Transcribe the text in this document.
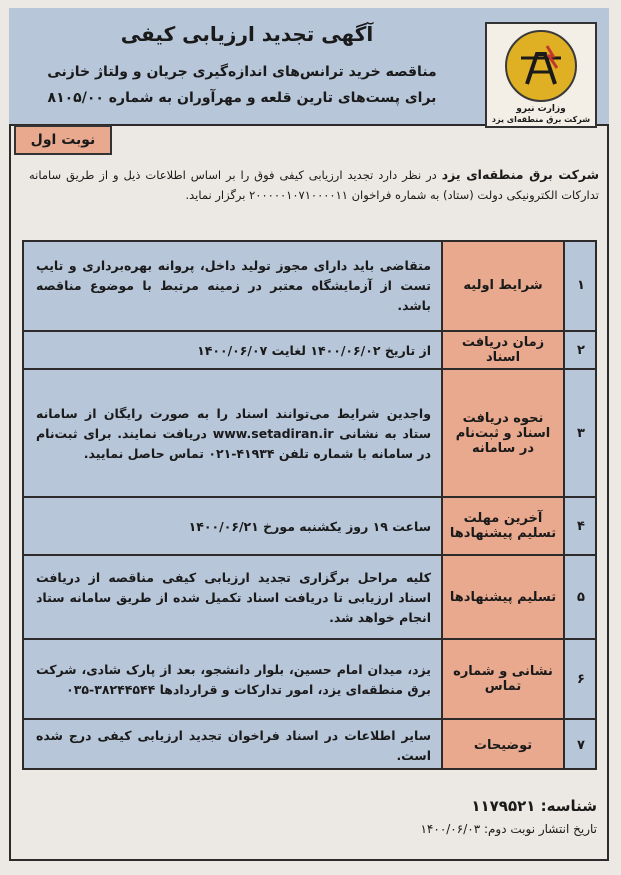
وزارت نیرو
شرکت برق منطقه‌ای یزد
آگهی تجدید ارزیابی کیفی
مناقصه خرید ترانس‌های اندازه‌گیری جریان و ولتاژ خازنی
برای پست‌های تارین قلعه و مهرآوران به شماره ۸۱۰۵/۰۰
نوبت اول
شرکت برق منطقه‌ای یزد در نظر دارد تجدید ارزیابی کیفی فوق را بر اساس اطلاعات ذیل و از طریق سامانه تدارکات الکترونیکی دولت (ستاد) به شماره فراخوان ۲۰۰۰۰۰۱۰۷۱۰۰۰۰۱۱ برگزار نماید.
۱
شرایط اولیه
متقاضی باید دارای مجوز تولید داخل، پروانه بهره‌برداری و تایپ تست از آزمایشگاه معتبر در زمینه مرتبط با موضوع مناقصه باشد.
۲
زمان دریافت اسناد
از تاریخ ۱۴۰۰/۰۶/۰۲ لغایت ۱۴۰۰/۰۶/۰۷
۳
نحوه دریافت اسناد و ثبت‌نام در سامانه
واجدین شرایط می‌توانند اسناد را به صورت رایگان از سامانه ستاد به نشانی www.setadiran.ir دریافت نمایند. برای ثبت‌نام در سامانه با شماره تلفن ۴۱۹۳۴-۰۲۱ تماس حاصل نمایید.
۴
آخرین مهلت تسلیم پیشنهادها
ساعت ۱۹ روز یکشنبه مورخ ۱۴۰۰/۰۶/۲۱
۵
تسلیم پیشنهادها
کلیه مراحل برگزاری تجدید ارزیابی کیفی مناقصه از دریافت اسناد ارزیابی تا دریافت اسناد تکمیل شده از طریق سامانه ستاد انجام خواهد شد.
۶
نشانی و شماره تماس
یزد، میدان امام حسین، بلوار دانشجو، بعد از پارک شادی، شرکت برق منطقه‌ای یزد، امور تدارکات و قراردادها ۳۸۲۴۴۵۴۴-۰۳۵
۷
توضیحات
سایر اطلاعات در اسناد فراخوان تجدید ارزیابی کیفی درج شده است.
شناسه: ۱۱۷۹۵۲۱
تاریخ انتشار نوبت دوم: ۱۴۰۰/۰۶/۰۳
